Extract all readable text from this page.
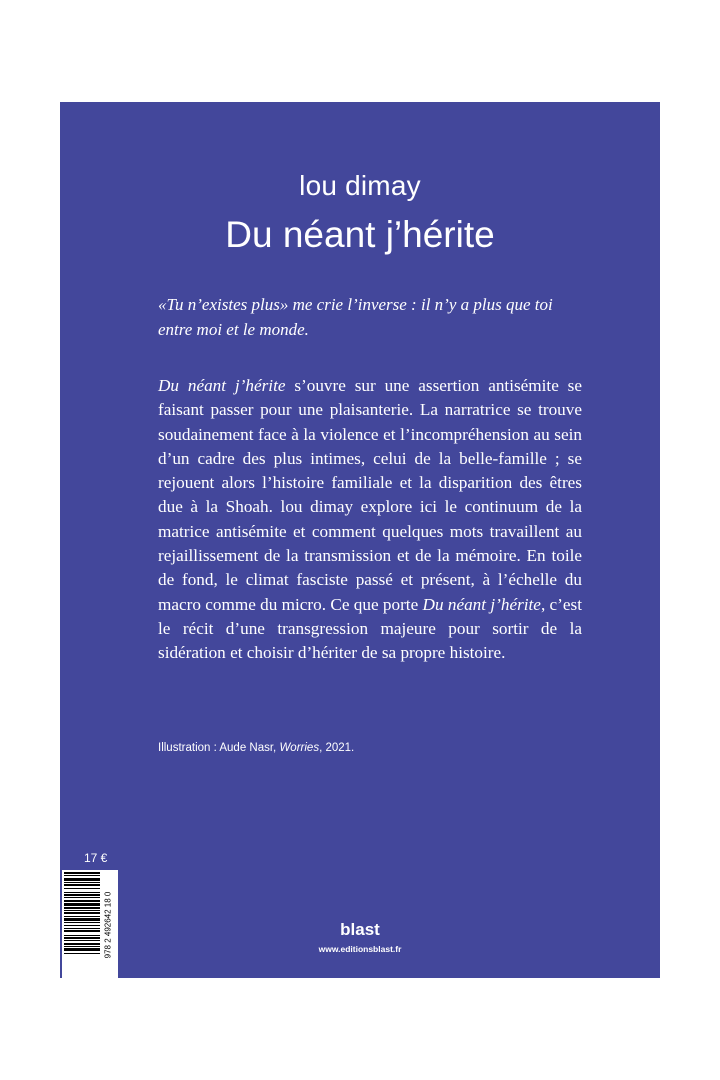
lou dimay

Du néant j’hérite

«Tu n’existes plus» me crie l’inverse : il n’y a plus que toi entre moi et le monde.

Du néant j’hérite s’ouvre sur une assertion antisémite se faisant passer pour une plaisanterie. La narratrice se trouve soudainement face à la violence et l’incompréhension au sein d’un cadre des plus intimes, celui de la belle-famille ; se rejouent alors l’histoire familiale et la disparition des êtres due à la Shoah. lou dimay explore ici le continuum de la matrice antisémite et comment quelques mots travaillent au rejaillissement de la transmission et de la mémoire. En toile de fond, le climat fasciste passé et présent, à l’échelle du macro comme du micro. Ce que porte Du néant j’hérite, c’est le récit d’une transgression majeure pour sortir de la sidération et choisir d’hériter de sa propre histoire.

Illustration : Aude Nasr, Worries, 2021.

17 €

978 2 492642 18 0	blast

www.editionsblast.fr
